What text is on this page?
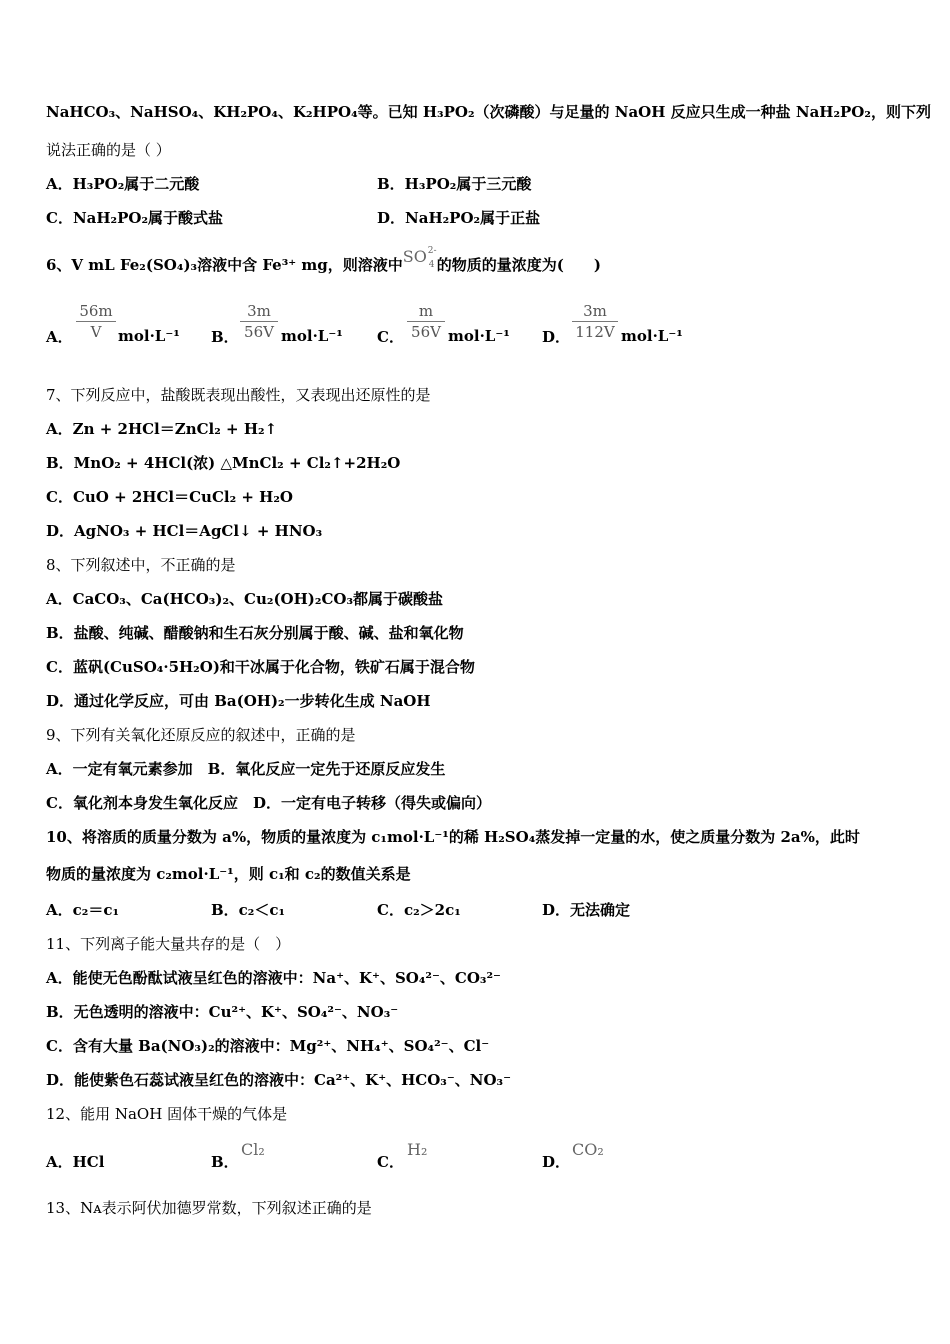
NaHCO₃、NaHSO₄、KH₂PO₄、K₂HPO₄等。已知 H₃PO₂（次磷酸）与足量的 NaOH 反应只生成一种盐 NaH₂PO₂，则下列
说法正确的是（ ）
A．H₃PO₂属于二元酸	B．H₃PO₂属于三元酸
C．NaH₂PO₂属于酸式盐	D．NaH₂PO₂属于正盐
6、V mL Fe₂(SO₄)₃溶液中含 Fe³⁺ mg，则溶液中SO 2-
4 的物质的量浓度为(　　)
A．
56m
V	mol·L⁻¹ B．
3m
56V mol·L⁻¹ C．
m
56V mol·L⁻¹ D．
3m
112V mol·L⁻¹
7、下列反应中，盐酸既表现出酸性，又表现出还原性的是
A．Zn + 2HCl＝ZnCl₂ + H₂↑
B．MnO₂ + 4HCl(浓) △MnCl₂ + Cl₂↑+2H₂O
C．CuO + 2HCl＝CuCl₂ + H₂O
D．AgNO₃ + HCl＝AgCl↓ + HNO₃
8、下列叙述中，不正确的是
A．CaCO₃、Ca(HCO₃)₂、Cu₂(OH)₂CO₃都属于碳酸盐
B．盐酸、纯碱、醋酸钠和生石灰分别属于酸、碱、盐和氧化物
C．蓝矾(CuSO₄·5H₂O)和干冰属于化合物，铁矿石属于混合物
D．通过化学反应，可由 Ba(OH)₂一步转化生成 NaOH
9、下列有关氧化还原反应的叙述中，正确的是
A．一定有氧元素参加　B．氧化反应一定先于还原反应发生
C．氧化剂本身发生氧化反应　D．一定有电子转移（得失或偏向）
10、将溶质的质量分数为 a%，物质的量浓度为 c₁mol·L⁻¹的稀 H₂SO₄蒸发掉一定量的水，使之质量分数为 2a%，此时
物质的量浓度为 c₂mol·L⁻¹，则 c₁和 c₂的数值关系是
A．c₂＝c₁	B．c₂＜c₁	C．c₂＞2c₁	D．无法确定
11、下列离子能大量共存的是（　）
A．能使无色酚酞试液呈红色的溶液中：Na⁺、K⁺、SO₄²⁻、CO₃²⁻
B．无色透明的溶液中：Cu²⁺、K⁺、SO₄²⁻、NO₃⁻
C．含有大量 Ba(NO₃)₂的溶液中：Mg²⁺、NH₄⁺、SO₄²⁻、Cl⁻
D．能使紫色石蕊试液呈红色的溶液中：Ca²⁺、K⁺、HCO₃⁻、NO₃⁻
12、能用 NaOH 固体干燥的气体是
A．HCl	B．
Cl₂
C．
H₂
D．
CO₂
13、Nᴀ表示阿伏加德罗常数，下列叙述正确的是
